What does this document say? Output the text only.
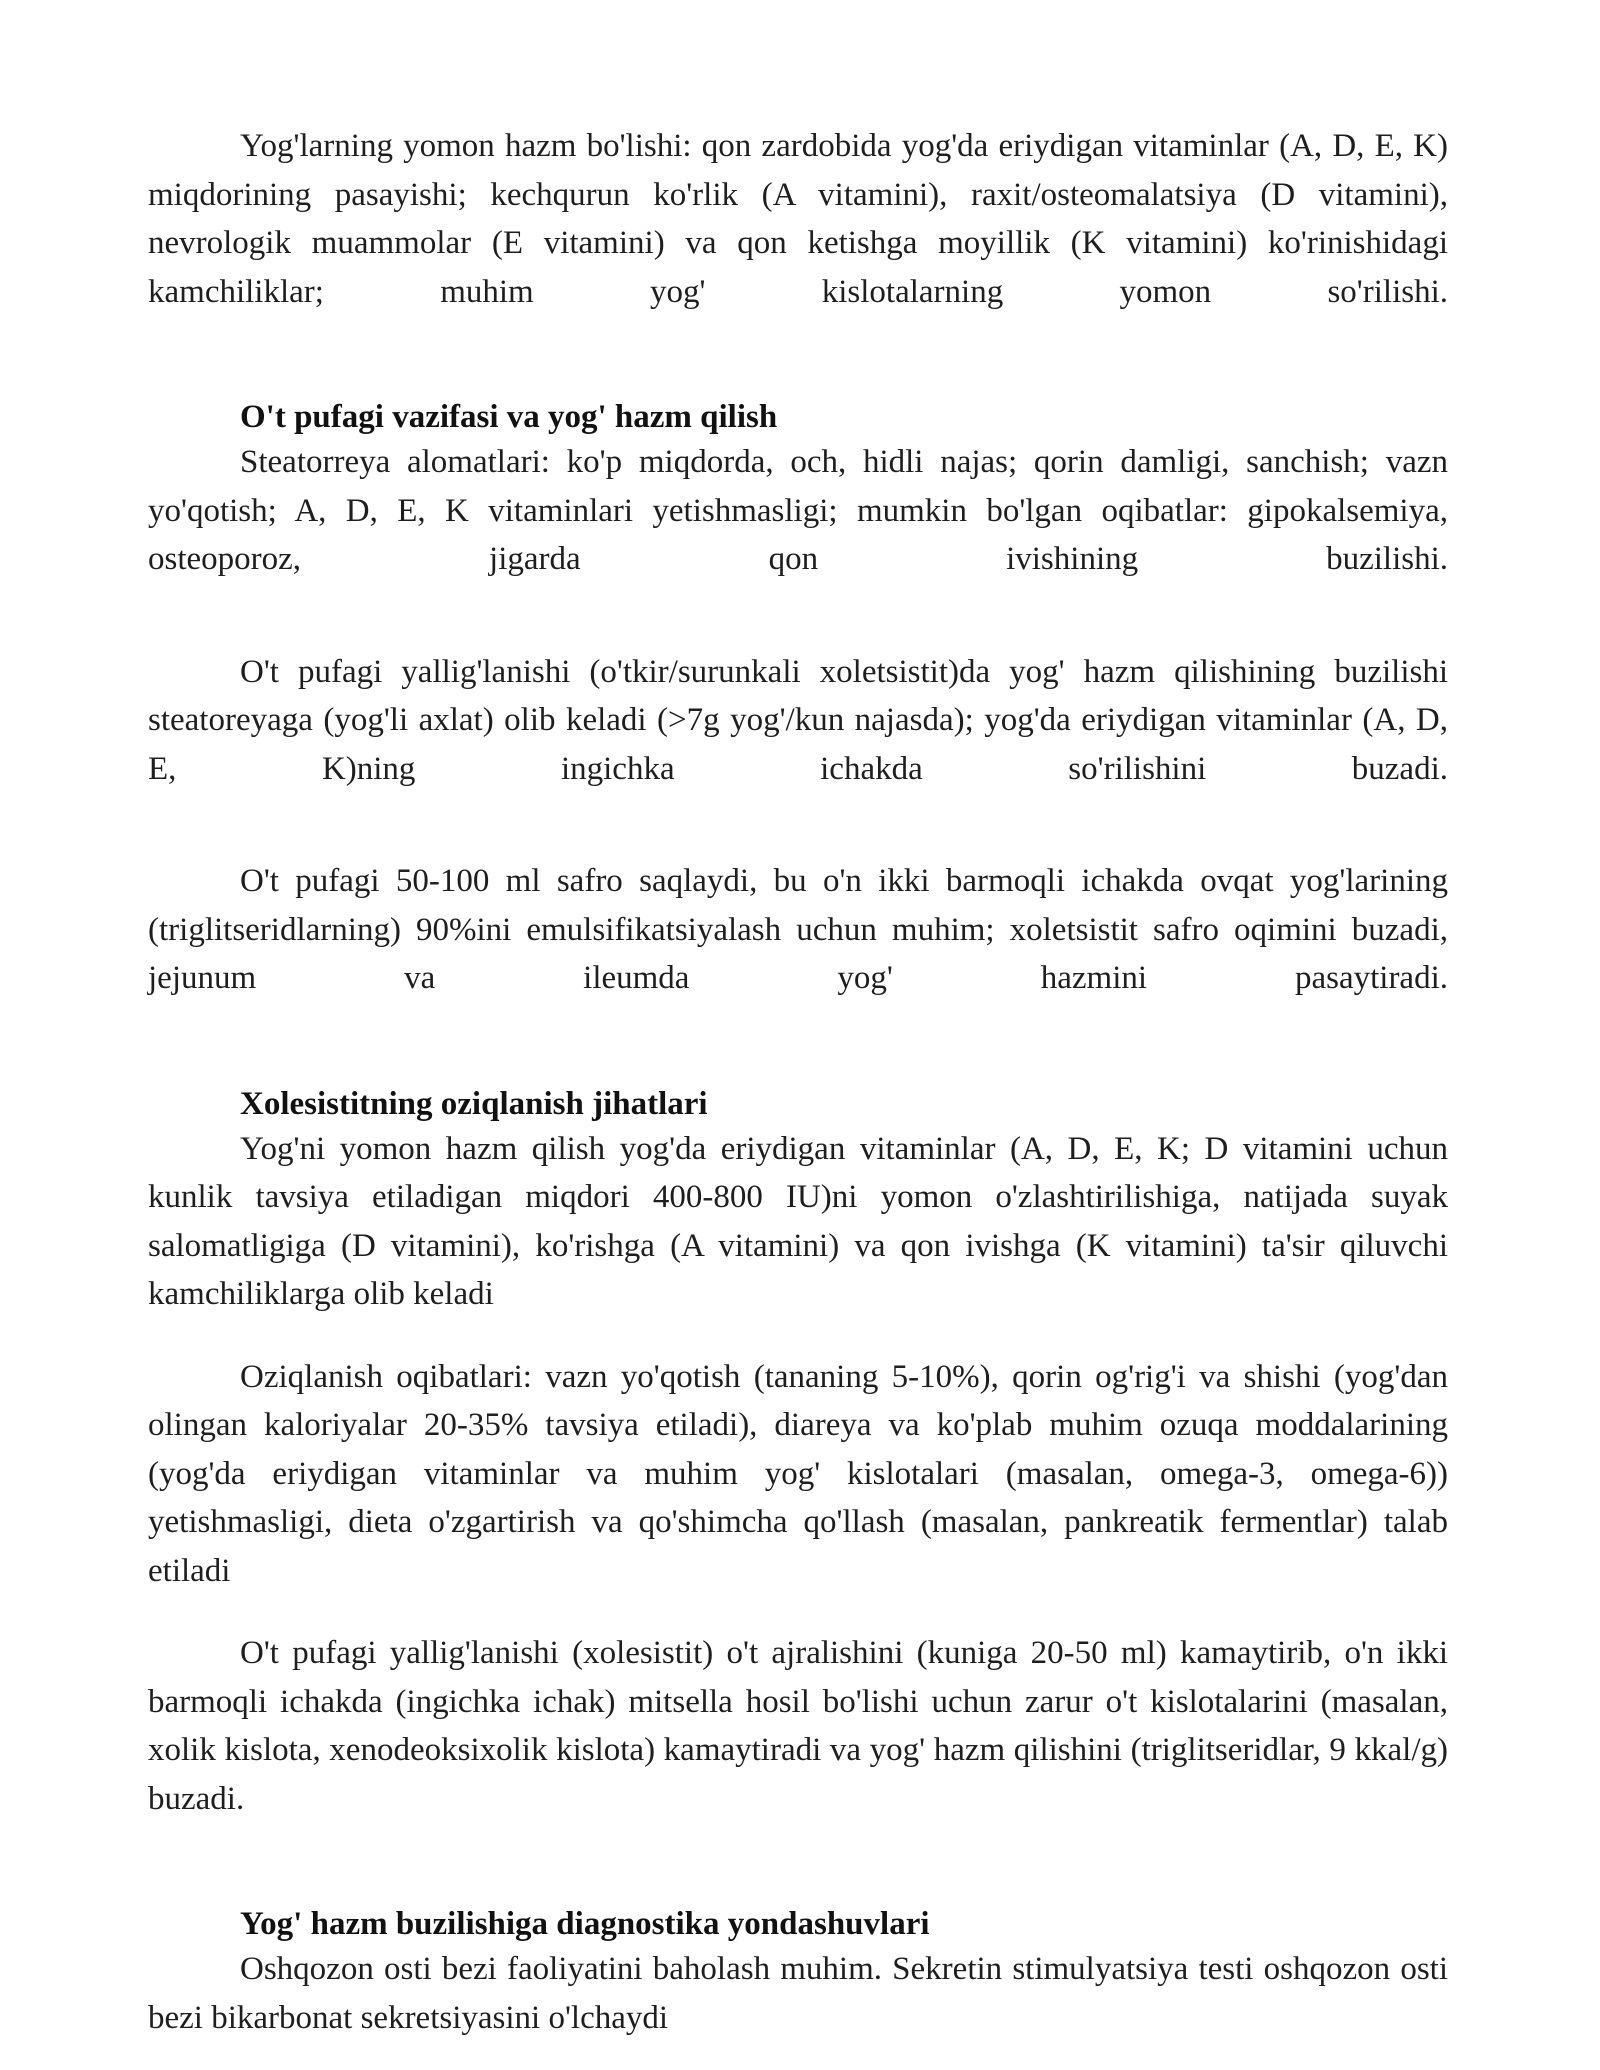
Yog'larning yomon hazm bo'lishi: qon zardobida yog'da eriydigan vitaminlar (A, D, E, K) miqdorining pasayishi; kechqurun ko'rlik (A vitamini), raxit/osteomalatsiya (D vitamini), nevrologik muammolar (E vitamini) va qon ketishga moyillik (K vitamini) ko'rinishidagi kamchiliklar; muhim yog' kislotalarning yomon so'rilishi.

O't pufagi vazifasi va yog' hazm qilish

Steatorreya alomatlari: ko'p miqdorda, och, hidli najas; qorin damligi, sanchish; vazn yo'qotish; A, D, E, K vitaminlari yetishmasligi; mumkin bo'lgan oqibatlar: gipokalsemiya, osteoporoz, jigarda qon ivishining buzilishi.

O't pufagi yallig'lanishi (o'tkir/surunkali xoletsistit)da yog' hazm qilishining buzilishi steatoreyaga (yog'li axlat) olib keladi (>7g yog'/kun najasda); yog'da eriydigan vitaminlar (A, D, E, K)ning ingichka ichakda so'rilishini buzadi.

O't pufagi 50-100 ml safro saqlaydi, bu o'n ikki barmoqli ichakda ovqat yog'larining (triglitseridlarning) 90%ini emulsifikatsiyalash uchun muhim; xoletsistit safro oqimini buzadi, jejunum va ileumda yog' hazmini pasaytiradi.

Xolesistitning oziqlanish jihatlari

Yog'ni yomon hazm qilish yog'da eriydigan vitaminlar (A, D, E, K; D vitamini uchun kunlik tavsiya etiladigan miqdori 400-800 IU)ni yomon o'zlashtirilishiga, natijada suyak salomatligiga (D vitamini), ko'rishga (A vitamini) va qon ivishga (K vitamini) ta'sir qiluvchi kamchiliklarga olib keladi

Oziqlanish oqibatlari: vazn yo'qotish (tananing 5-10%), qorin og'rig'i va shishi (yog'dan olingan kaloriyalar 20-35% tavsiya etiladi), diareya va ko'plab muhim ozuqa moddalarining (yog'da eriydigan vitaminlar va muhim yog' kislotalari (masalan, omega-3, omega-6)) yetishmasligi, dieta o'zgartirish va qo'shimcha qo'llash (masalan, pankreatik fermentlar) talab etiladi

O't pufagi yallig'lanishi (xolesistit) o't ajralishini (kuniga 20-50 ml) kamaytirib, o'n ikki barmoqli ichakda (ingichka ichak) mitsella hosil bo'lishi uchun zarur o't kislotalarini (masalan, xolik kislota, xenodeoksixolik kislota) kamaytiradi va yog' hazm qilishini (triglitseridlar, 9 kkal/g) buzadi.

Yog' hazm buzilishiga diagnostika yondashuvlari

Oshqozon osti bezi faoliyatini baholash muhim. Sekretin stimulyatsiya testi oshqozon osti bezi bikarbonat sekretsiyasini o'lchaydi
